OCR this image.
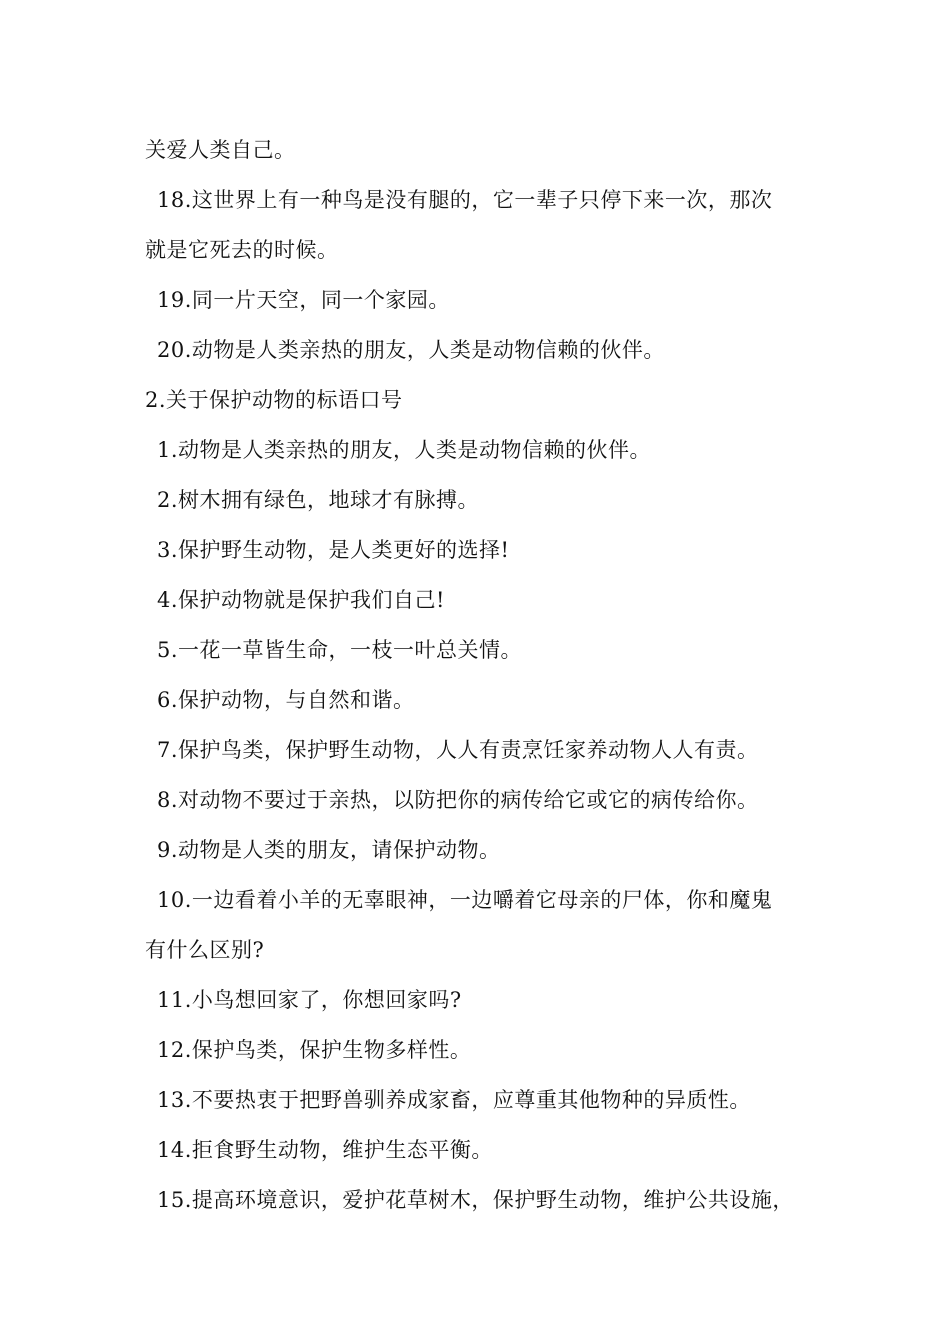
关爱人类自己。
18.这世界上有一种鸟是没有腿的，它一辈子只停下来一次，那次
就是它死去的时候。
19.同一片天空，同一个家园。
20.动物是人类亲热的朋友，人类是动物信赖的伙伴。
2.关于保护动物的标语口号
1.动物是人类亲热的朋友，人类是动物信赖的伙伴。
2.树木拥有绿色，地球才有脉搏。
3.保护野生动物，是人类更好的选择!
4.保护动物就是保护我们自己!
5.一花一草皆生命，一枝一叶总关情。
6.保护动物，与自然和谐。
7.保护鸟类，保护野生动物，人人有责烹饪家养动物人人有责。
8.对动物不要过于亲热，以防把你的病传给它或它的病传给你。
9.动物是人类的朋友，请保护动物。
10.一边看着小羊的无辜眼神，一边嚼着它母亲的尸体，你和魔鬼
有什么区别?
11.小鸟想回家了，你想回家吗?
12.保护鸟类，保护生物多样性。
13.不要热衷于把野兽驯养成家畜，应尊重其他物种的异质性。
14.拒食野生动物，维护生态平衡。
15.提高环境意识，爱护花草树木，保护野生动物，维护公共设施，
